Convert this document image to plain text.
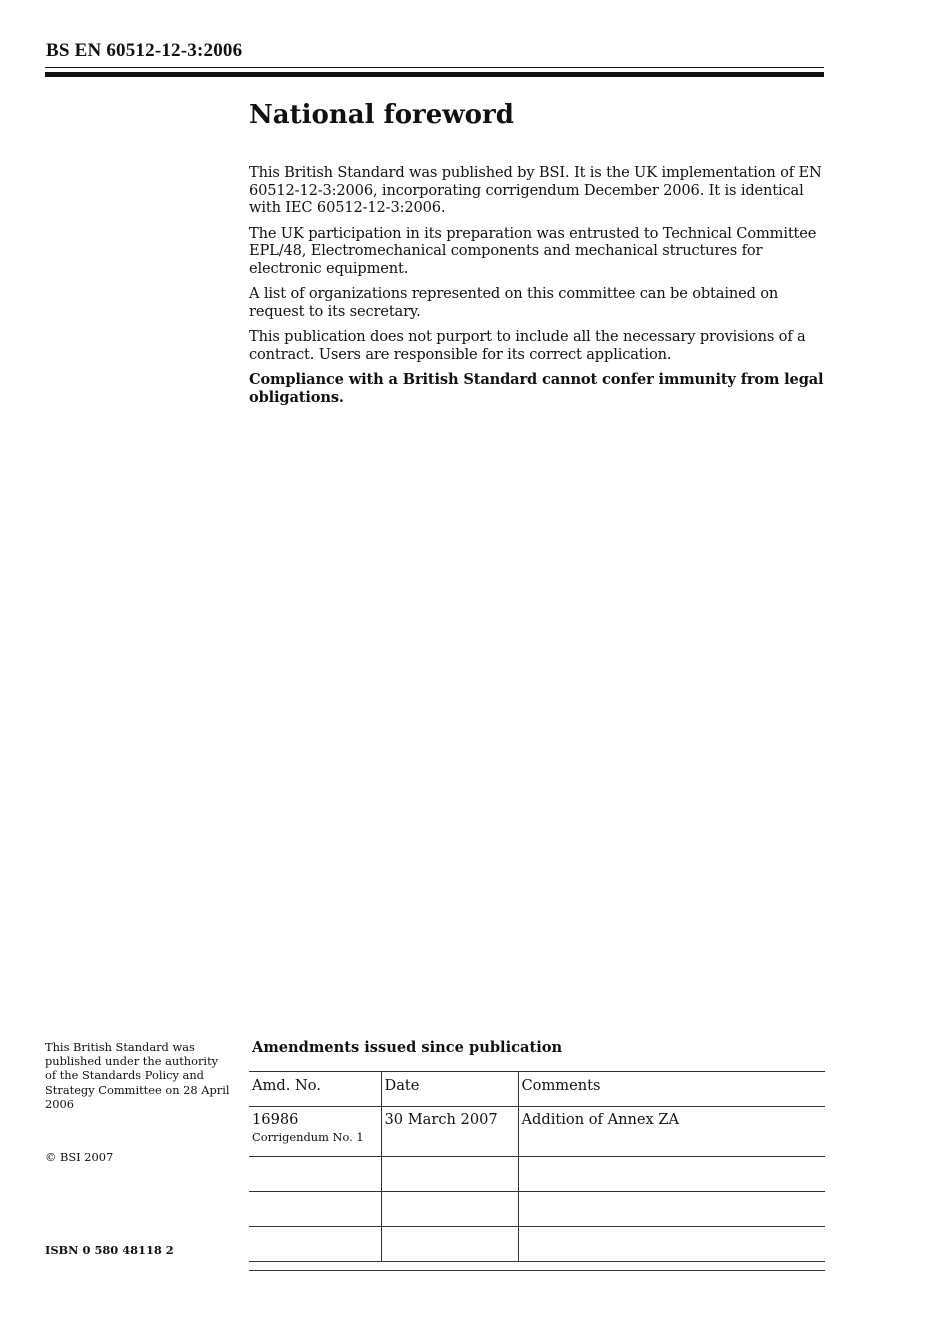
BS EN 60512-12-3:2006
National foreword

This British Standard was published by BSI. It is the UK implementation of EN 60512-12-3:2006, incorporating corrigendum December 2006. It is identical with IEC 60512-12-3:2006.

The UK participation in its preparation was entrusted to Technical Committee EPL/48, Electromechanical components and mechanical structures for electronic equipment.

A list of organizations represented on this committee can be obtained on request to its secretary.

This publication does not purport to include all the necessary provisions of a contract. Users are responsible for its correct application.

Compliance with a British Standard cannot confer immunity from legal obligations.

This British Standard was published under the authority of the Standards Policy and Strategy Committee on 28 April 2006
© BSI 2007
ISBN 0 580 48118 2
Amendments issued since publication
Amd. No.	Date	Comments
16986
Corrigendum No. 1	30 March 2007	Addition of Annex ZA
